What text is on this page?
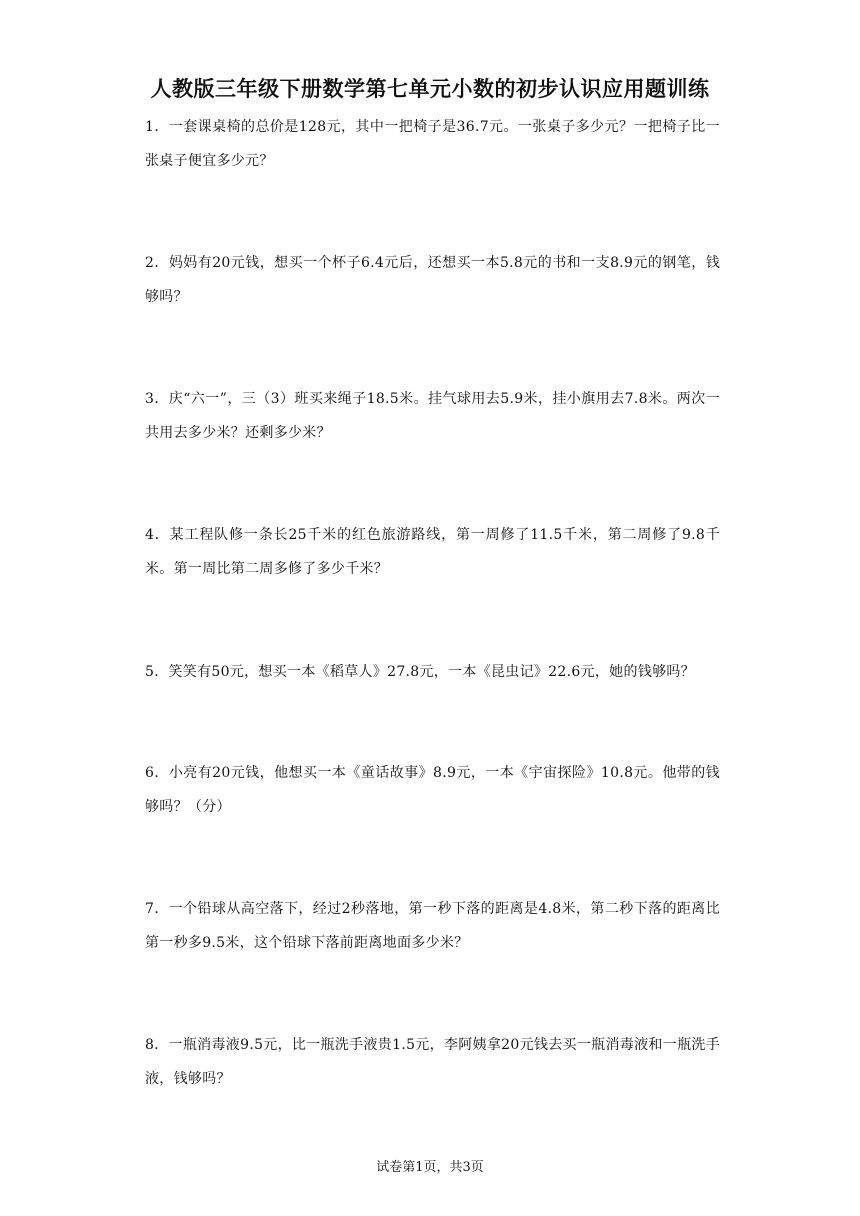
人教版三年级下册数学第七单元小数的初步认识应用题训练
1．一套课桌椅的总价是128元，其中一把椅子是36.7元。一张桌子多少元？一把椅子比一张桌子便宜多少元？
2．妈妈有20元钱，想买一个杯子6.4元后，还想买一本5.8元的书和一支8.9元的钢笔，钱够吗？
3．庆“六一”，三（3）班买来绳子18.5米。挂气球用去5.9米，挂小旗用去7.8米。两次一共用去多少米？还剩多少米？
4．某工程队修一条长25千米的红色旅游路线，第一周修了11.5千米，第二周修了9.8千米。第一周比第二周多修了多少千米？
5．笑笑有50元，想买一本《稻草人》27.8元，一本《昆虫记》22.6元，她的钱够吗？
6．小亮有20元钱，他想买一本《童话故事》8.9元，一本《宇宙探险》10.8元。他带的钱够吗？（分）
7．一个铅球从高空落下，经过2秒落地，第一秒下落的距离是4.8米，第二秒下落的距离比第一秒多9.5米，这个铅球下落前距离地面多少米？
8．一瓶消毒液9.5元，比一瓶洗手液贵1.5元，李阿姨拿20元钱去买一瓶消毒液和一瓶洗手液，钱够吗？
试卷第1页，共3页
